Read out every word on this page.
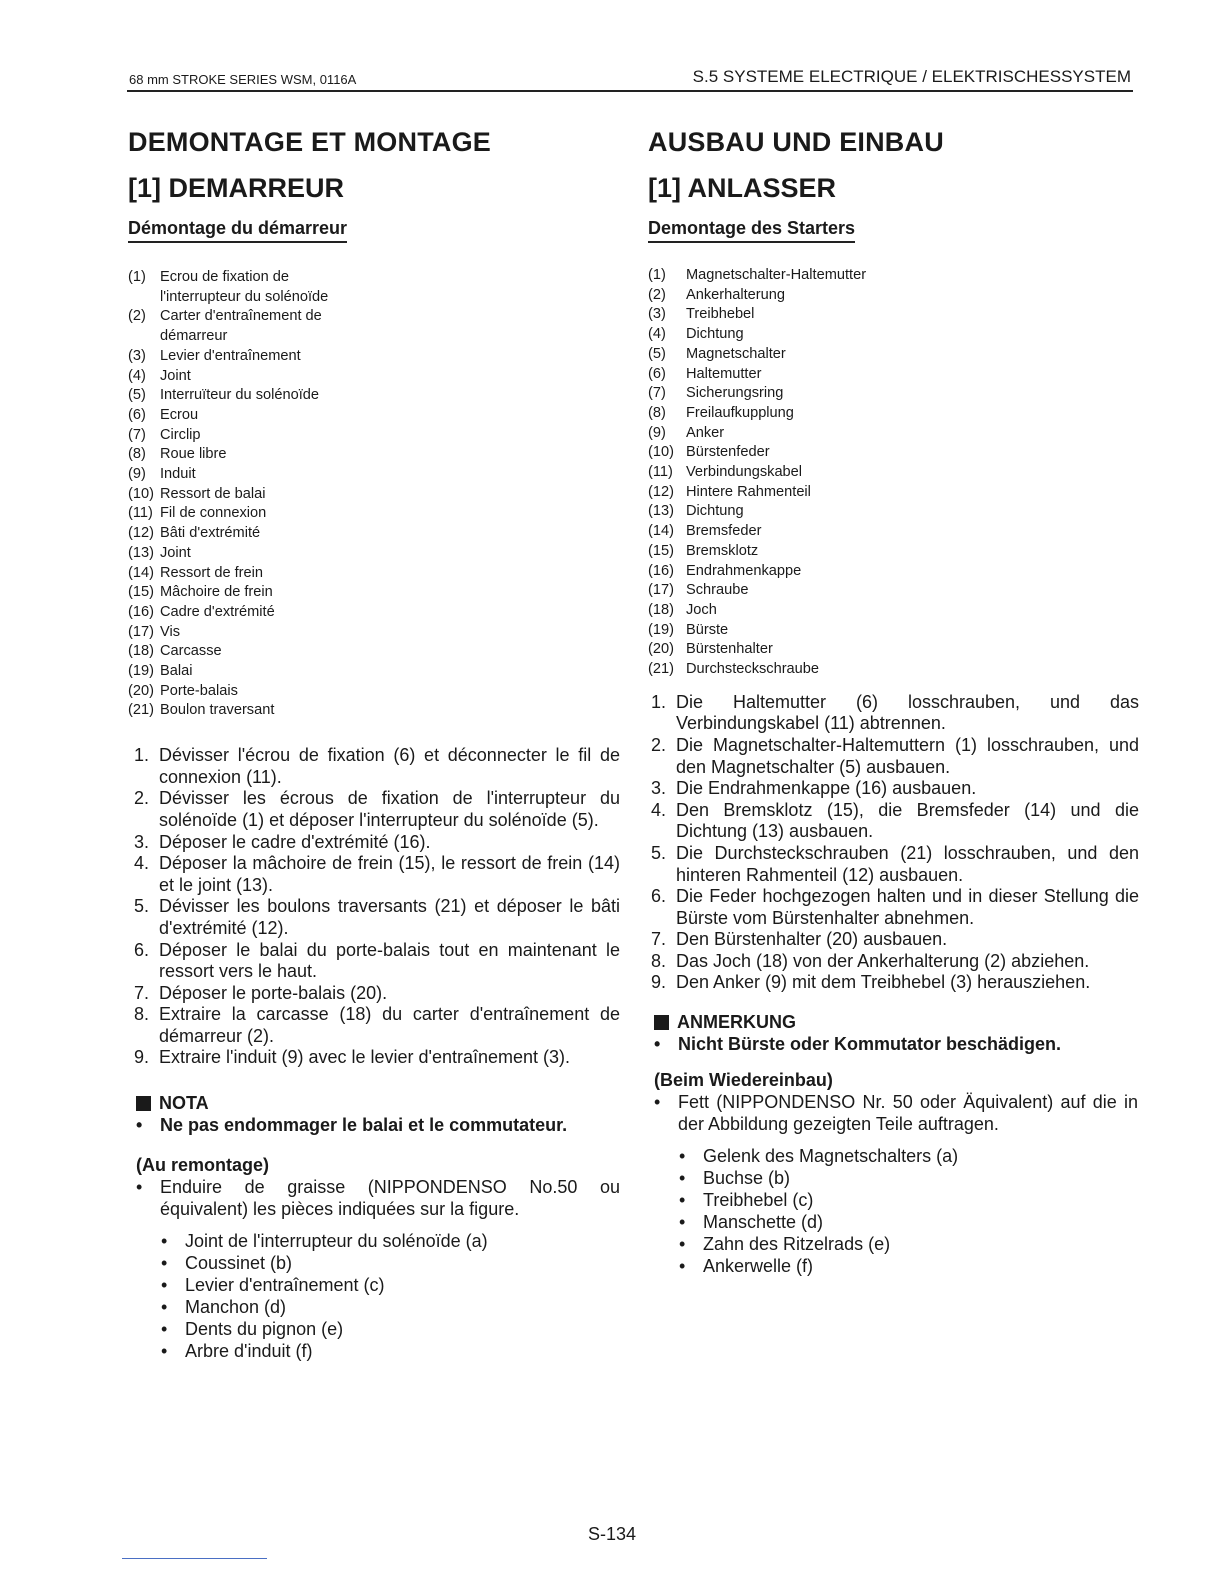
68 mm STROKE SERIES WSM, 0116A	S.5 SYSTEME ELECTRIQUE / ELEKTRISCHESSYSTEM
DEMONTAGE ET MONTAGE
[1] DEMARREUR
Démontage du démarreur
(1) Ecrou de fixation de l'interrupteur du solénoïde
(2) Carter d'entraînement de démarreur
(3) Levier d'entraînement
(4) Joint
(5) Interruïteur du solénoïde
(6) Ecrou
(7) Circlip
(8) Roue libre
(9) Induit
(10) Ressort de balai
(11) Fil de connexion
(12) Bâti d'extrémité
(13) Joint
(14) Ressort de frein
(15) Mâchoire de frein
(16) Cadre d'extrémité
(17) Vis
(18) Carcasse
(19) Balai
(20) Porte-balais
(21) Boulon traversant
1. Dévisser l'écrou de fixation (6) et déconnecter le fil de connexion (11).
2. Dévisser les écrous de fixation de l'interrupteur du solénoïde (1) et déposer l'interrupteur du solénoïde (5).
3. Déposer le cadre d'extrémité (16).
4. Déposer la mâchoire de frein (15), le ressort de frein (14) et le joint (13).
5. Dévisser les boulons traversants (21) et déposer le bâti d'extrémité (12).
6. Déposer le balai du porte-balais tout en maintenant le ressort vers le haut.
7. Déposer le porte-balais (20).
8. Extraire la carcasse (18) du carter d'entraînement de démarreur (2).
9. Extraire l'induit (9) avec le levier d'entraînement (3).
NOTA
• Ne pas endommager le balai et le commutateur.
(Au remontage)
• Enduire de graisse (NIPPONDENSO No.50 ou équivalent) les pièces indiquées sur la figure.
• Joint de l'interrupteur du solénoïde (a)
• Coussinet (b)
• Levier d'entraînement (c)
• Manchon (d)
• Dents du pignon (e)
• Arbre d'induit (f)
AUSBAU UND EINBAU
[1] ANLASSER
Demontage des Starters
(1)	Magnetschalter-Haltemutter
(2)	Ankerhalterung
(3)	Treibhebel
(4)	Dichtung
(5)	Magnetschalter
(6)	Haltemutter
(7)	Sicherungsring
(8)	Freilaufkupplung
(9)	Anker
(10) Bürstenfeder
(11) Verbindungskabel
(12) Hintere Rahmenteil
(13) Dichtung
(14) Bremsfeder
(15) Bremsklotz
(16) Endrahmenkappe
(17) Schraube
(18) Joch
(19) Bürste
(20) Bürstenhalter
(21) Durchsteckschraube
1. Die Haltemutter (6) losschrauben, und das Verbindungskabel (11) abtrennen.
2. Die Magnetschalter-Haltemuttern (1) losschrauben, und den Magnetschalter (5) ausbauen.
3. Die Endrahmenkappe (16) ausbauen.
4. Den Bremsklotz (15), die Bremsfeder (14) und die Dichtung (13) ausbauen.
5. Die Durchsteckschrauben (21) losschrauben, und den hinteren Rahmenteil (12) ausbauen.
6. Die Feder hochgezogen halten und in dieser Stellung die Bürste vom Bürstenhalter abnehmen.
7. Den Bürstenhalter (20) ausbauen.
8. Das Joch (18) von der Ankerhalterung (2) abziehen.
9. Den Anker (9) mit dem Treibhebel (3) herausziehen.
ANMERKUNG
• Nicht Bürste oder Kommutator beschädigen.
(Beim Wiedereinbau)
• Fett (NIPPONDENSO Nr. 50 oder Äquivalent) auf die in der Abbildung gezeigten Teile auftragen.
• Gelenk des Magnetschalters (a)
• Buchse (b)
• Treibhebel (c)
• Manschette (d)
• Zahn des Ritzelrads (e)
• Ankerwelle (f)
S-134
